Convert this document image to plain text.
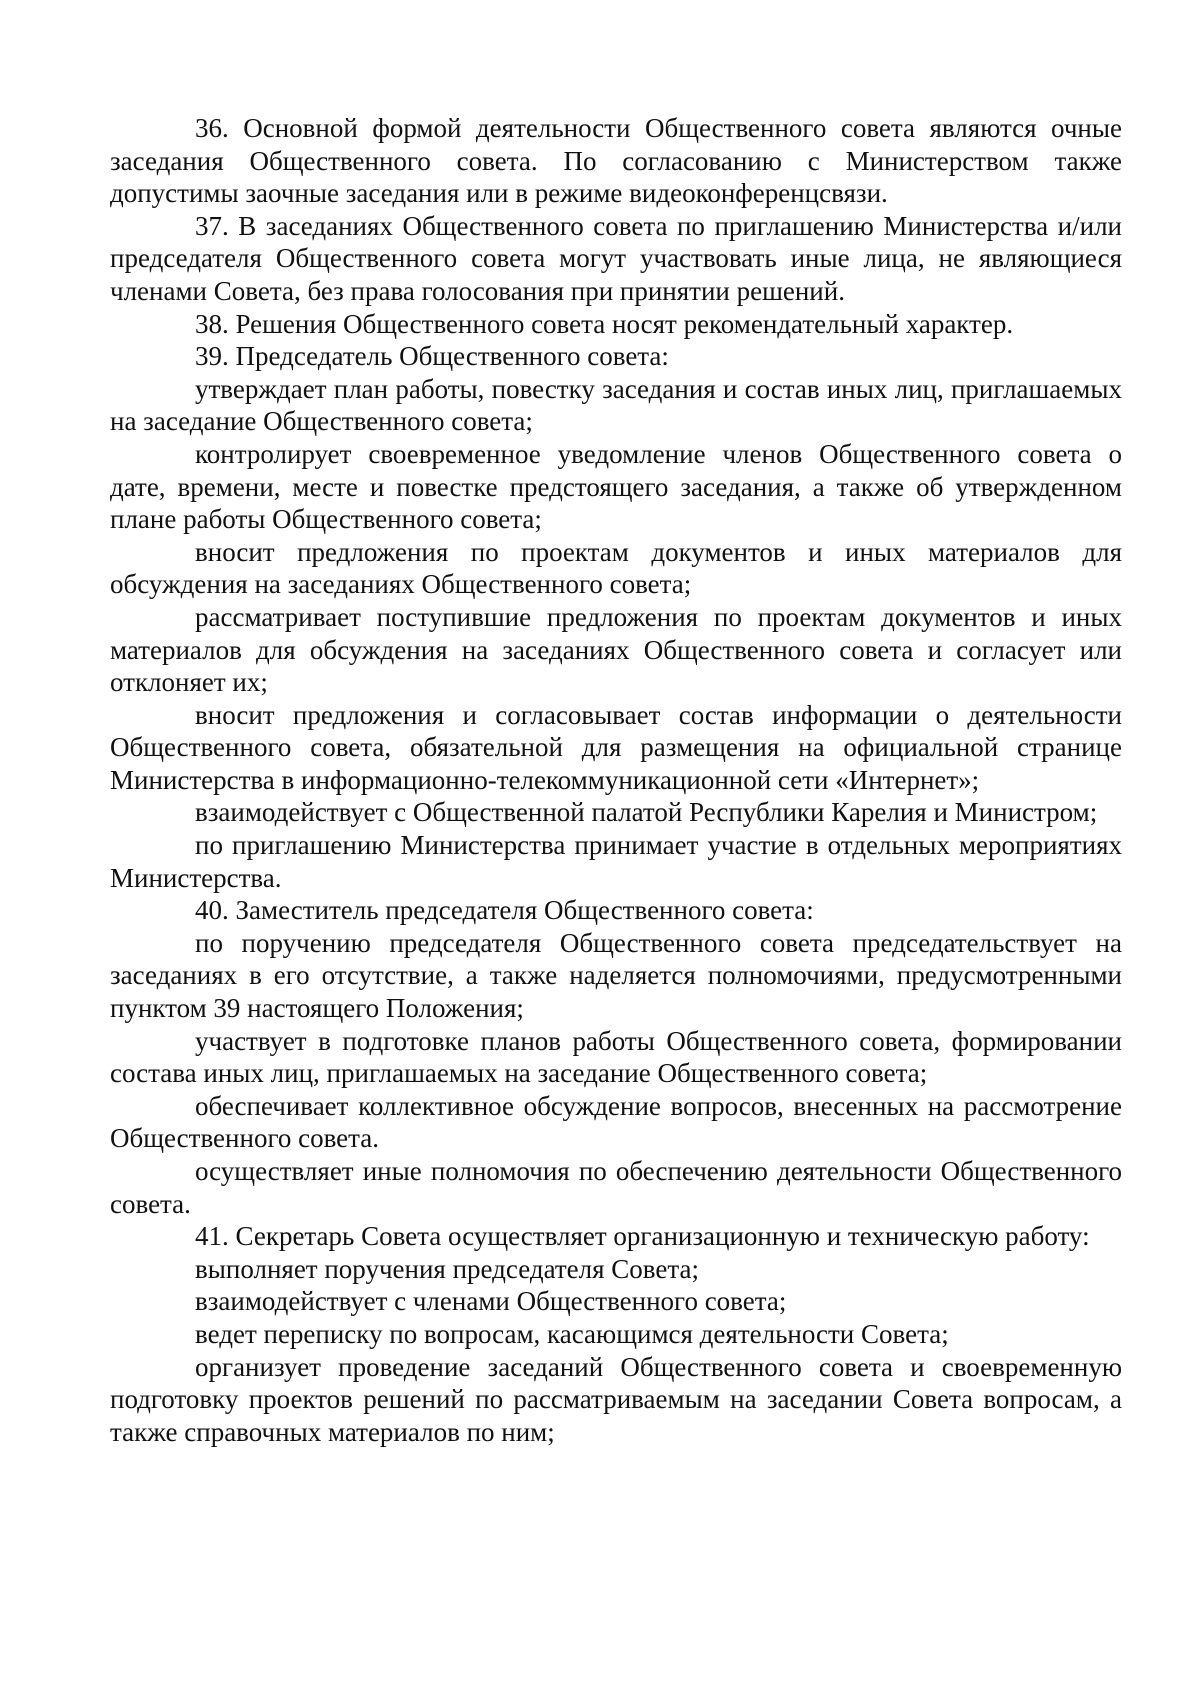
36. Основной формой деятельности Общественного совета являются очные заседания Общественного совета. По согласованию с Министерством также допустимы заочные заседания или в режиме видеоконференцсвязи.

37. В заседаниях Общественного совета по приглашению Министерства и/или председателя Общественного совета могут участвовать иные лица, не являющиеся членами Совета, без права голосования при принятии решений.

38. Решения Общественного совета носят рекомендательный характер.

39. Председатель Общественного совета:

утверждает план работы, повестку заседания и состав иных лиц, приглашаемых на заседание Общественного совета;

контролирует своевременное уведомление членов Общественного совета о дате, времени, месте и повестке предстоящего заседания, а также об утвержденном плане работы Общественного совета;

вносит предложения по проектам документов и иных материалов для обсуждения на заседаниях Общественного совета;

рассматривает поступившие предложения по проектам документов и иных материалов для обсуждения на заседаниях Общественного совета и согласует или отклоняет их;

вносит предложения и согласовывает состав информации о деятельности Общественного совета, обязательной для размещения на официальной странице Министерства в информационно-телекоммуникационной сети «Интернет»;

взаимодействует с Общественной палатой Республики Карелия и Министром;

по приглашению Министерства принимает участие в отдельных мероприятиях Министерства.

40. Заместитель председателя Общественного совета:

по поручению председателя Общественного совета председательствует на заседаниях в его отсутствие, а также наделяется полномочиями, предусмотренными пунктом 39 настоящего Положения;

участвует в подготовке планов работы Общественного совета, формировании состава иных лиц, приглашаемых на заседание Общественного совета;

обеспечивает коллективное обсуждение вопросов, внесенных на рассмотрение Общественного совета.

осуществляет иные полномочия по обеспечению деятельности Общественного совета.

41. Секретарь Совета осуществляет организационную и техническую работу:

выполняет поручения председателя Совета;

взаимодействует с членами Общественного совета;

ведет переписку по вопросам, касающимся деятельности Совета;

организует проведение заседаний Общественного совета и своевременную подготовку проектов решений по рассматриваемым на заседании Совета вопросам, а также справочных материалов по ним;
